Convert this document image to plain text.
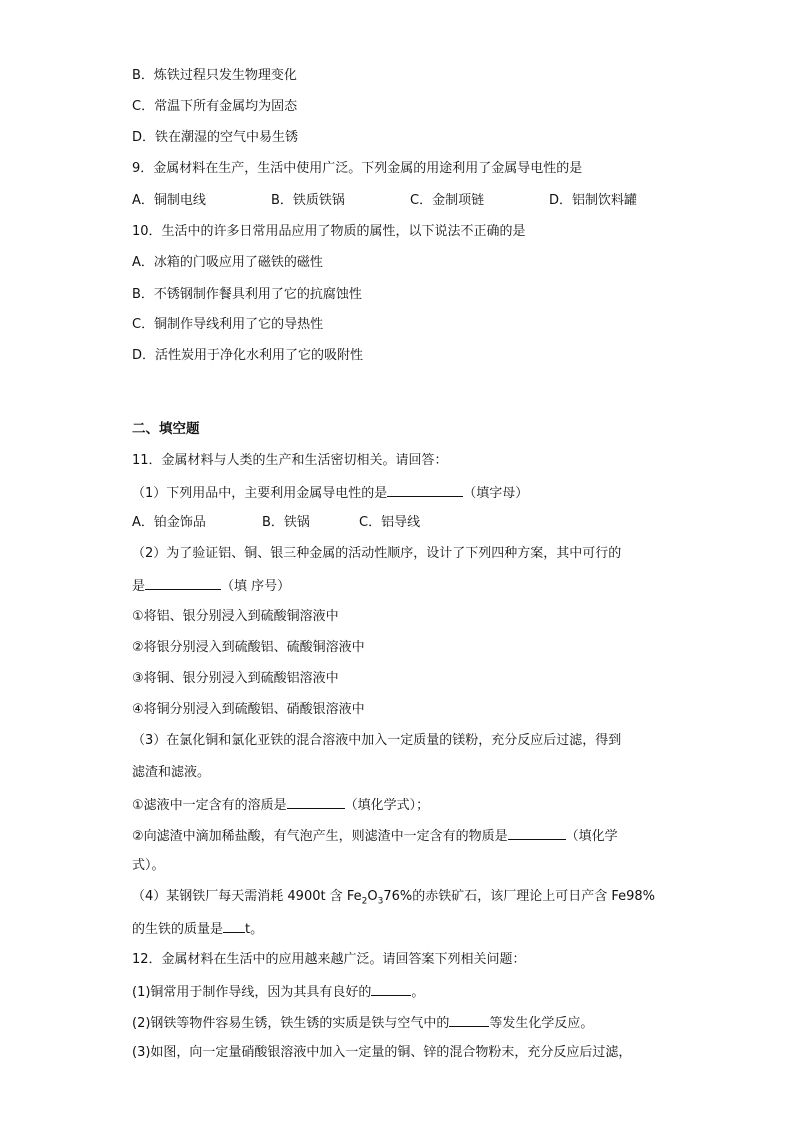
B．炼铁过程只发生物理变化
C．常温下所有金属均为固态
D．铁在潮湿的空气中易生锈
9．金属材料在生产，生活中使用广泛。下列金属的用途利用了金属导电性的是
A．铜制电线	B．铁质铁锅	C．金制项链	D．铝制饮料罐
10．生活中的许多日常用品应用了物质的属性，以下说法不正确的是
A．冰箱的门吸应用了磁铁的磁性
B．不锈钢制作餐具利用了它的抗腐蚀性
C．铜制作导线利用了它的导热性
D．活性炭用于净化水利用了它的吸附性
二、填空题
11．金属材料与人类的生产和生活密切相关。请回答：
（1）下列用品中，主要利用金属导电性的是	（填字母）
A．铂金饰品	B．铁锅	C．铝导线
（2）为了验证铝、铜、银三种金属的活动性顺序，设计了下列四种方案，其中可行的
是	（填 序号）
①将铝、银分别浸入到硫酸铜溶液中
②将银分别浸入到硫酸铝、硫酸铜溶液中
③将铜、银分别浸入到硫酸铝溶液中
④将铜分别浸入到硫酸铝、硝酸银溶液中
（3）在氯化铜和氯化亚铁的混合溶液中加入一定质量的镁粉，充分反应后过滤，得到
滤渣和滤液。
①滤液中一定含有的溶质是	（填化学式）；
②向滤渣中滴加稀盐酸，有气泡产生，则滤渣中一定含有的物质是	（填化学
式）。
（4）某钢铁厂每天需消耗 4900t 含 $Fe_2O_376\%$的赤铁矿石，该厂理论上可日产含 Fe98%
的生铁的质量是 t。
12．金属材料在生活中的应用越来越广泛。请回答案下列相关问题：
(1)铜常用于制作导线，因为其具有良好的	。
(2)钢铁等物件容易生锈，铁生锈的实质是铁与空气中的	等发生化学反应。
(3)如图，向一定量硝酸银溶液中加入一定量的铜、锌的混合物粉末，充分反应后过滤，
